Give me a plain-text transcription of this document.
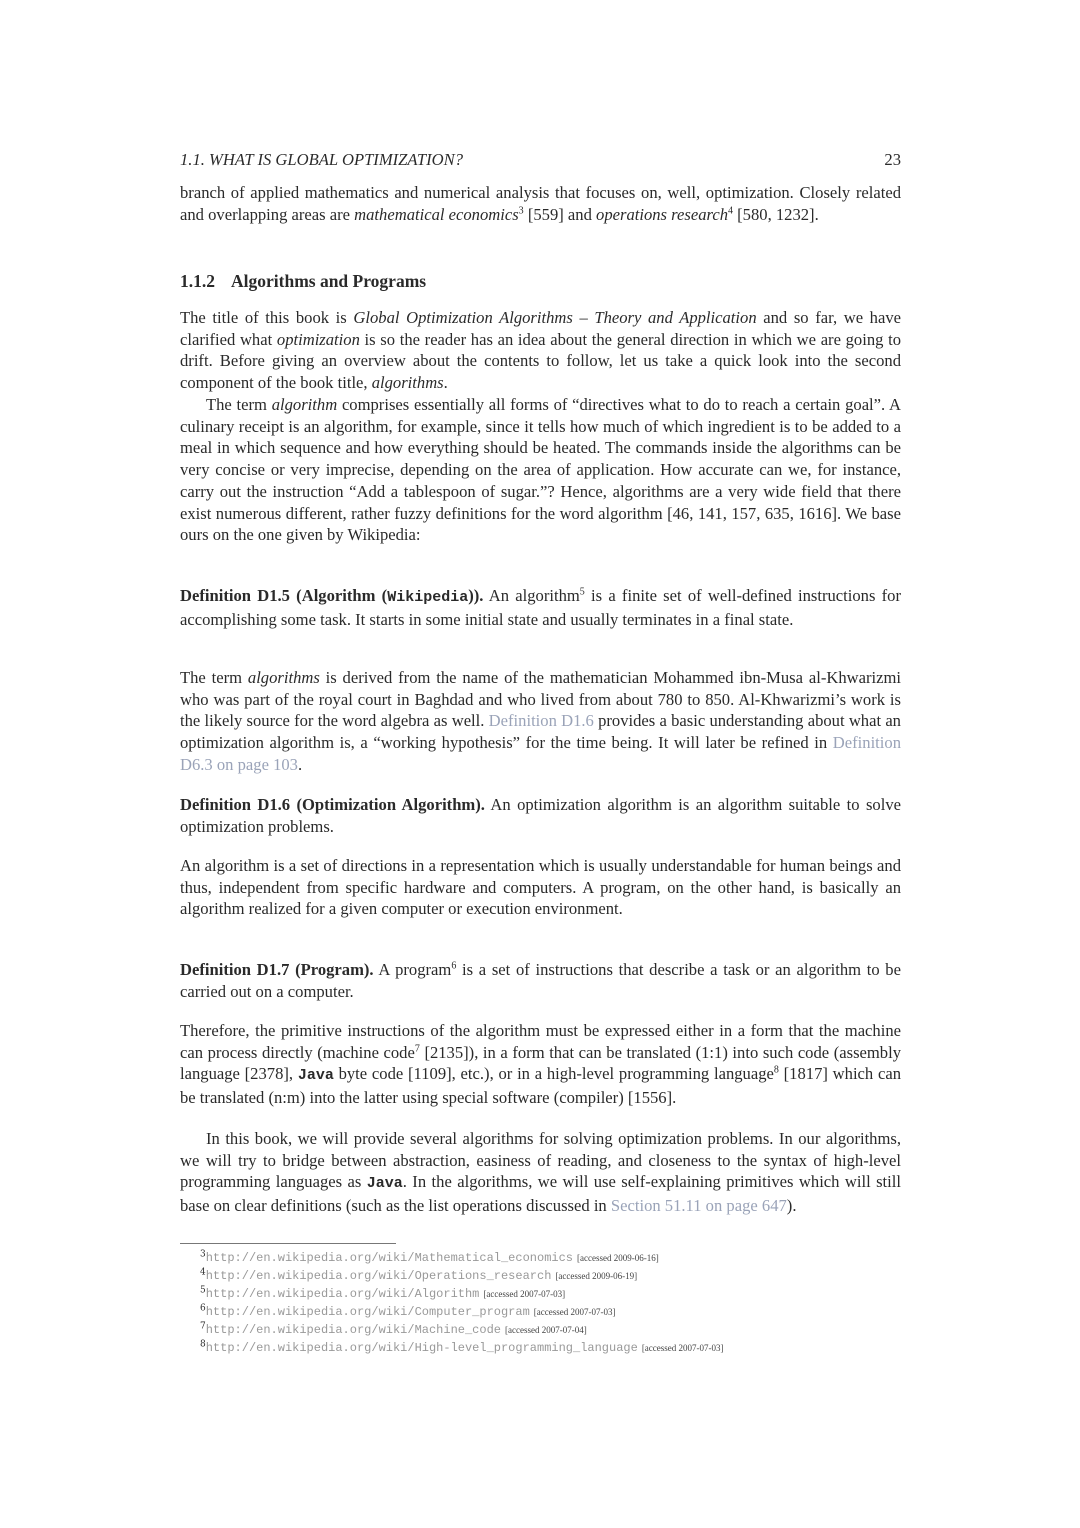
1.1. WHAT IS GLOBAL OPTIMIZATION?	23
branch of applied mathematics and numerical analysis that focuses on, well, optimization. Closely related and overlapping areas are mathematical economics$^3$ [559] and operations research$^4$ [580, 1232].
1.1.2 Algorithms and Programs
The title of this book is Global Optimization Algorithms – Theory and Application and so far, we have clarified what optimization is so the reader has an idea about the general direction in which we are going to drift. Before giving an overview about the contents to follow, let us take a quick look into the second component of the book title, algorithms.
The term algorithm comprises essentially all forms of “directives what to do to reach a certain goal”. A culinary receipt is an algorithm, for example, since it tells how much of which ingredient is to be added to a meal in which sequence and how everything should be heated. The commands inside the algorithms can be very concise or very imprecise, depending on the area of application. How accurate can we, for instance, carry out the instruction “Add a tablespoon of sugar.”? Hence, algorithms are a very wide field that there exist numerous different, rather fuzzy definitions for the word algorithm [46, 141, 157, 635, 1616]. We base ours on the one given by Wikipedia:
Definition D1.5 (Algorithm (Wikipedia)). An algorithm$^5$ is a finite set of well-defined instructions for accomplishing some task. It starts in some initial state and usually terminates in a final state.
The term algorithms is derived from the name of the mathematician Mohammed ibn-Musa al-Khwarizmi who was part of the royal court in Baghdad and who lived from about 780 to 850. Al-Khwarizmi’s work is the likely source for the word algebra as well. Definition D1.6 provides a basic understanding about what an optimization algorithm is, a “working hypothesis” for the time being. It will later be refined in Definition D6.3 on page 103.
Definition D1.6 (Optimization Algorithm). An optimization algorithm is an algorithm suitable to solve optimization problems.
An algorithm is a set of directions in a representation which is usually understandable for human beings and thus, independent from specific hardware and computers. A program, on the other hand, is basically an algorithm realized for a given computer or execution environment.
Definition D1.7 (Program). A program$^6$ is a set of instructions that describe a task or an algorithm to be carried out on a computer.
Therefore, the primitive instructions of the algorithm must be expressed either in a form that the machine can process directly (machine code$^7$ [2135]), in a form that can be translated (1:1) into such code (assembly language [2378], Java byte code [1109], etc.), or in a high-level programming language$^8$ [1817] which can be translated (n:m) into the latter using special software (compiler) [1556].
In this book, we will provide several algorithms for solving optimization problems. In our algorithms, we will try to bridge between abstraction, easiness of reading, and closeness to the syntax of high-level programming languages as Java. In the algorithms, we will use self-explaining primitives which will still base on clear definitions (such as the list operations discussed in Section 51.11 on page 647).
$^3$http://en.wikipedia.org/wiki/Mathematical_economics [accessed 2009-06-16]
$^4$http://en.wikipedia.org/wiki/Operations_research [accessed 2009-06-19]
$^5$http://en.wikipedia.org/wiki/Algorithm [accessed 2007-07-03]
$^6$http://en.wikipedia.org/wiki/Computer_program [accessed 2007-07-03]
$^7$http://en.wikipedia.org/wiki/Machine_code [accessed 2007-07-04]
$^8$http://en.wikipedia.org/wiki/High-level_programming_language [accessed 2007-07-03]
